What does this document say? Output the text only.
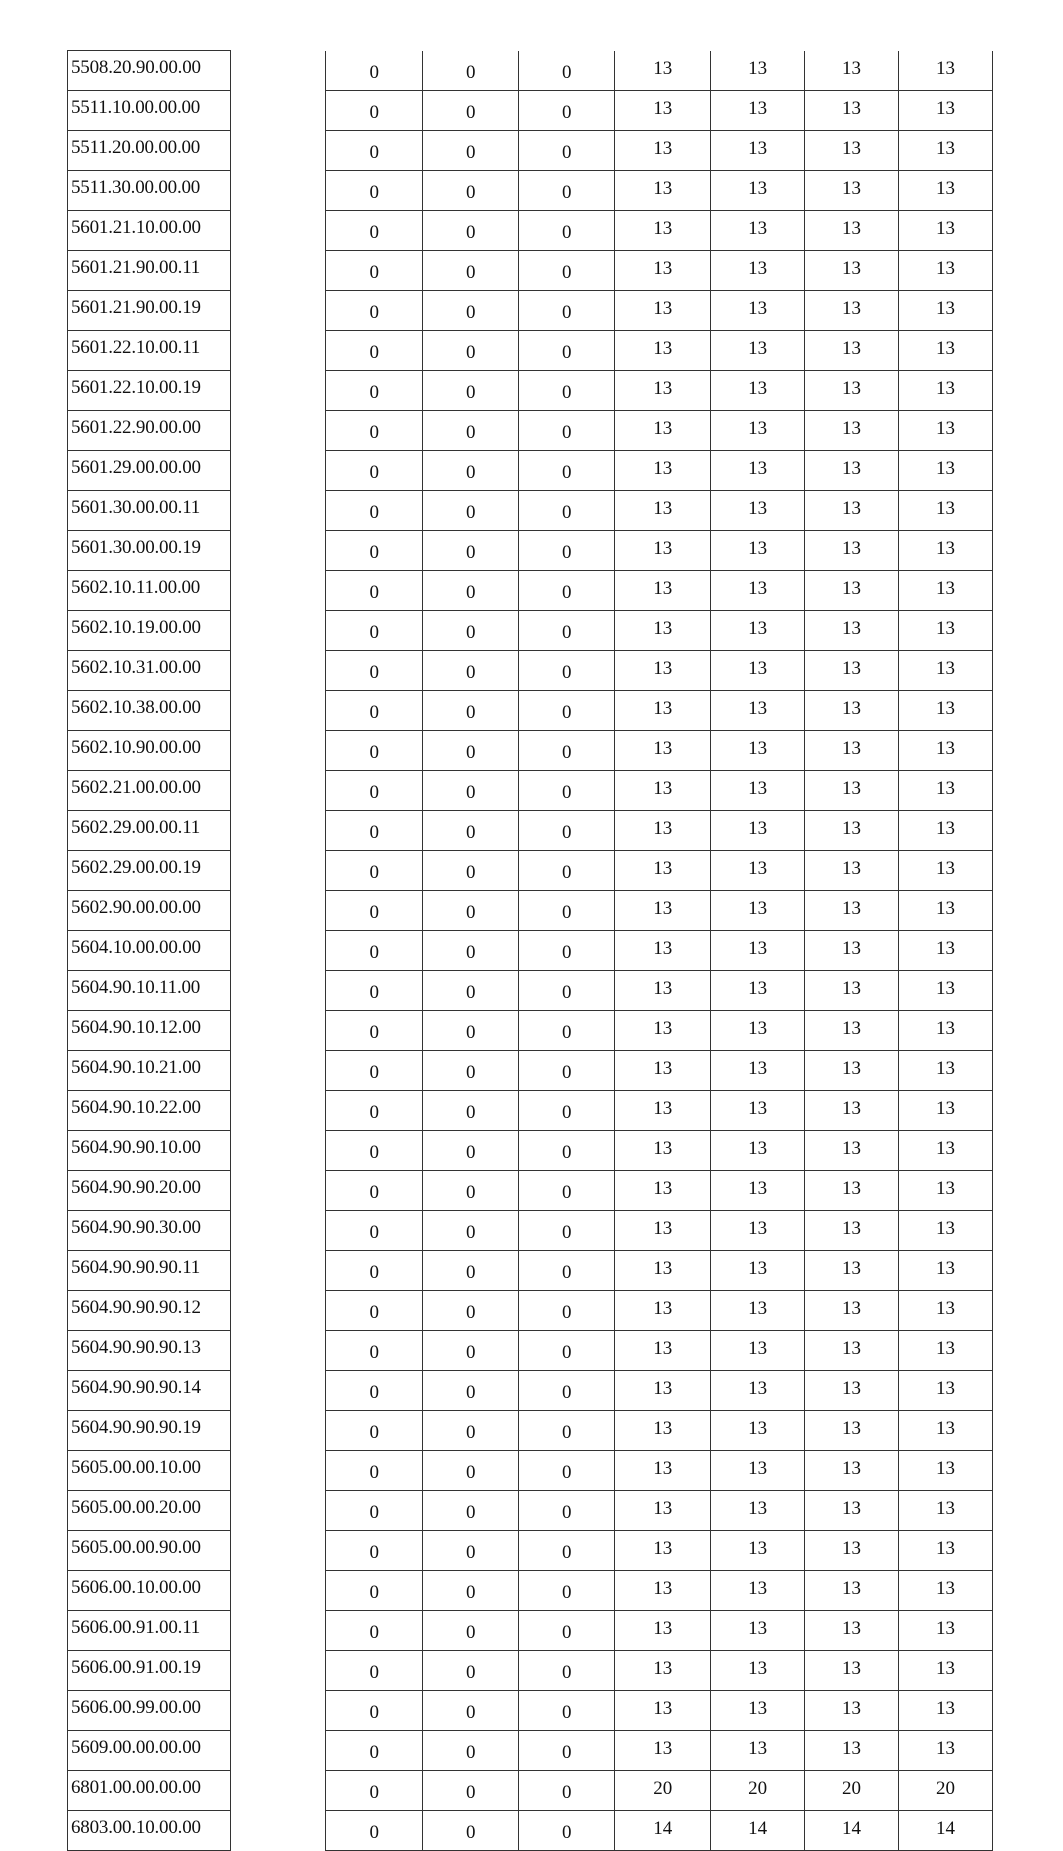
5508.20.90.00.00		0	0	0	13	13	13	13
5511.10.00.00.00		0	0	0	13	13	13	13
5511.20.00.00.00		0	0	0	13	13	13	13
5511.30.00.00.00		0	0	0	13	13	13	13
5601.21.10.00.00		0	0	0	13	13	13	13
5601.21.90.00.11		0	0	0	13	13	13	13
5601.21.90.00.19		0	0	0	13	13	13	13
5601.22.10.00.11		0	0	0	13	13	13	13
5601.22.10.00.19		0	0	0	13	13	13	13
5601.22.90.00.00		0	0	0	13	13	13	13
5601.29.00.00.00		0	0	0	13	13	13	13
5601.30.00.00.11		0	0	0	13	13	13	13
5601.30.00.00.19		0	0	0	13	13	13	13
5602.10.11.00.00		0	0	0	13	13	13	13
5602.10.19.00.00		0	0	0	13	13	13	13
5602.10.31.00.00		0	0	0	13	13	13	13
5602.10.38.00.00		0	0	0	13	13	13	13
5602.10.90.00.00		0	0	0	13	13	13	13
5602.21.00.00.00		0	0	0	13	13	13	13
5602.29.00.00.11		0	0	0	13	13	13	13
5602.29.00.00.19		0	0	0	13	13	13	13
5602.90.00.00.00		0	0	0	13	13	13	13
5604.10.00.00.00		0	0	0	13	13	13	13
5604.90.10.11.00		0	0	0	13	13	13	13
5604.90.10.12.00		0	0	0	13	13	13	13
5604.90.10.21.00		0	0	0	13	13	13	13
5604.90.10.22.00		0	0	0	13	13	13	13
5604.90.90.10.00		0	0	0	13	13	13	13
5604.90.90.20.00		0	0	0	13	13	13	13
5604.90.90.30.00		0	0	0	13	13	13	13
5604.90.90.90.11		0	0	0	13	13	13	13
5604.90.90.90.12		0	0	0	13	13	13	13
5604.90.90.90.13		0	0	0	13	13	13	13
5604.90.90.90.14		0	0	0	13	13	13	13
5604.90.90.90.19		0	0	0	13	13	13	13
5605.00.00.10.00		0	0	0	13	13	13	13
5605.00.00.20.00		0	0	0	13	13	13	13
5605.00.00.90.00		0	0	0	13	13	13	13
5606.00.10.00.00		0	0	0	13	13	13	13
5606.00.91.00.11		0	0	0	13	13	13	13
5606.00.91.00.19		0	0	0	13	13	13	13
5606.00.99.00.00		0	0	0	13	13	13	13
5609.00.00.00.00		0	0	0	13	13	13	13
6801.00.00.00.00		0	0	0	20	20	20	20
6803.00.10.00.00		0	0	0	14	14	14	14
